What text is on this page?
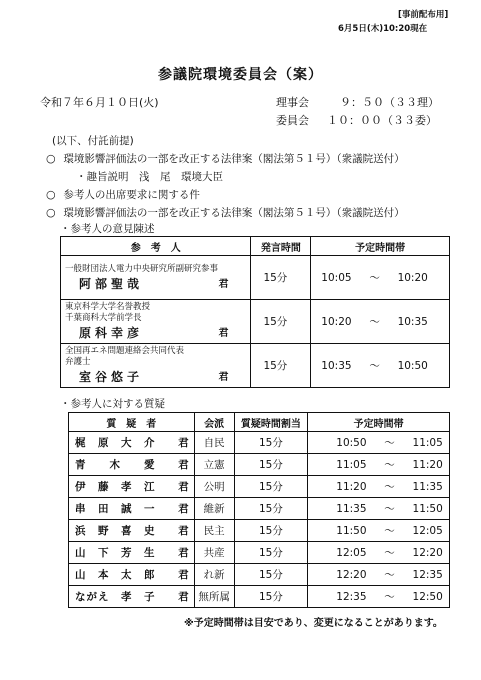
[事前配布用]
6月5日(木)10:20現在
参議院環境委員会（案）
令和７年６月１０日(火)	理事会	９：５０（３３理）
委員会 １０：００（３３委）
(以下、付託前提)
○ 環境影響評価法の一部を改正する法律案（閣法第５１号）（衆議院送付）
・趣旨説明　浅　尾　環境大臣
○ 参考人の出席要求に関する件
○ 環境影響評価法の一部を改正する法律案（閣法第５１号）（衆議院送付）
・参考人の意見陳述
参　考　人	発言時間	予定時間帯

一般財団法人電力中央研究所副研究参事
阿部聖哉 君	15分	10:05 ～ 10:20

東京科学大学名誉教授
千葉商科大学前学長
原科幸彦 君	15分	10:20 ～ 10:35

全国再エネ問題連絡会共同代表
弁護士
室谷悠子 君	15分	10:35 ～ 10:50
・参考人に対する質疑
質　疑　者	会派	質疑時間割当	予定時間帯
梶　原　大　介 君	自民	15分	10:50 ～ 11:05
青　　木　　愛 君	立憲	15分	11:05 ～ 11:20
伊　藤　孝　江 君	公明	15分	11:20 ～ 11:35
串　田　誠　一 君	維新	15分	11:35 ～ 11:50
浜　野　喜　史 君	民主	15分	11:50 ～ 12:05
山　下　芳　生 君	共産	15分	12:05 ～ 12:20
山　本　太　郎 君	れ新	15分	12:20 ～ 12:35
ながえ　孝　子 君	無所属	15分	12:35 ～ 12:50
※予定時間帯は目安であり、変更になることがあります。
